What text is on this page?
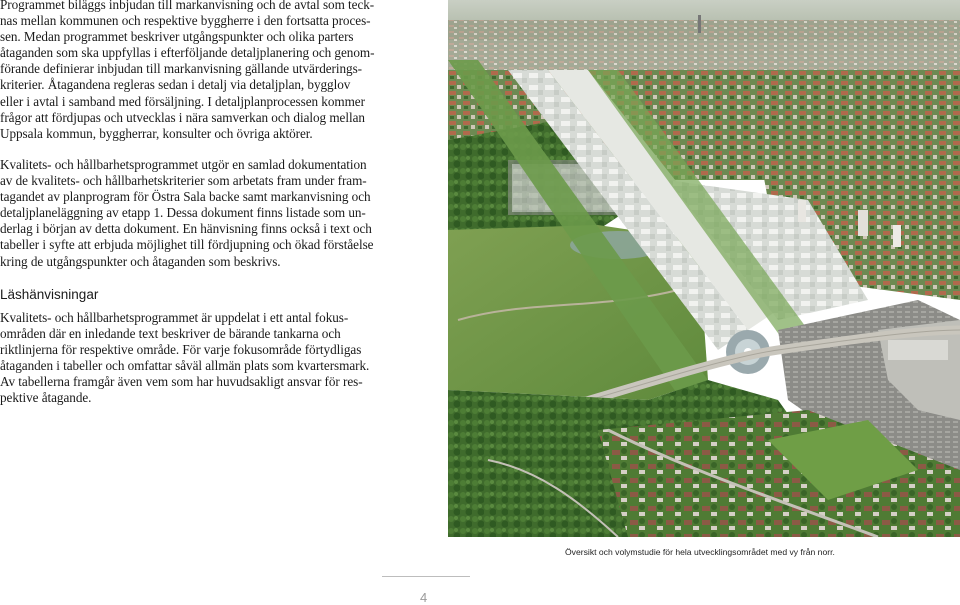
Programmet biläggs inbjudan till markanvisning och de avtal som teck-

nas mellan kommunen och respektive byggherre i den fortsatta proces-

sen. Medan programmet beskriver utgångspunkter och olika parters

åtaganden som ska uppfyllas i efterföljande detaljplanering och genom-

förande definierar inbjudan till markanvisning gällande utvärderings-

kriterier. Åtagandena regleras sedan i detalj via detaljplan, bygglov

eller i avtal i samband med försäljning. I detaljplanprocessen kommer

frågor att fördjupas och utvecklas i nära samverkan och dialog mellan

Uppsala kommun, byggherrar, konsulter och övriga aktörer.

Kvalitets- och hållbarhetsprogrammet utgör en samlad dokumentation

av de kvalitets- och hållbarhetskriterier som arbetats fram under fram-

tagandet av planprogram för Östra Sala backe samt markanvisning och

detaljplaneläggning av etapp 1. Dessa dokument finns listade som un-

derlag i början av detta dokument. En hänvisning finns också i text och

tabeller i syfte att erbjuda möjlighet till fördjupning och ökad förståelse

kring de utgångspunkter och åtaganden som beskrivs.

Läshänvisningar

Kvalitets- och hållbarhetsprogrammet är uppdelat i ett antal fokus-

områden där en inledande text beskriver de bärande tankarna och

riktlinjerna för respektive område. För varje fokusområde förtydligas

åtaganden i tabeller och omfattar såväl allmän plats som kvartersmark.

Av tabellerna framgår även vem som har huvudsakligt ansvar för res-

pektive åtagande.

Översikt och volymstudie för hela utvecklingsområdet med vy från norr.
4
